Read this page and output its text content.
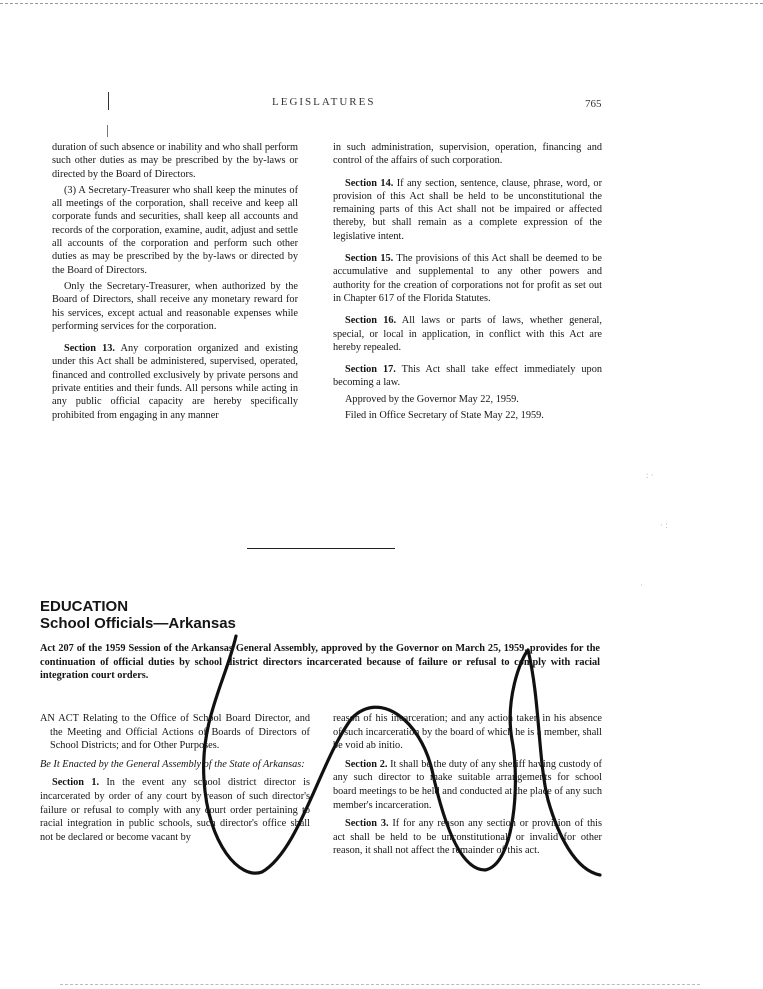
LEGISLATURES	765

duration of such absence or inability and who shall perform such other duties as may be prescribed by the by-laws or directed by the Board of Directors.

(3) A Secretary-Treasurer who shall keep the minutes of all meetings of the corporation, shall receive and keep all corporate funds and securities, shall keep all accounts and records of the corporation, examine, audit, adjust and settle all accounts of the corporation and perform such other duties as may be prescribed by the by-laws or directed by the Board of Directors.

Only the Secretary-Treasurer, when authorized by the Board of Directors, shall receive any monetary reward for his services, except actual and reasonable expenses while performing services for the corporation.

Section 13. Any corporation organized and existing under this Act shall be administered, supervised, operated, financed and controlled exclusively by private persons and private entities and their funds. All persons while acting in any public official capacity are hereby specifically prohibited from engaging in any manner

in such administration, supervision, operation, financing and control of the affairs of such corporation.

Section 14. If any section, sentence, clause, phrase, word, or provision of this Act shall be held to be unconstitutional the remaining parts of this Act shall not be impaired or affected thereby, but shall remain as a complete expression of the legislative intent.

Section 15. The provisions of this Act shall be deemed to be accumulative and supplemental to any other powers and authority for the creation of corporations not for profit as set out in Chapter 617 of the Florida Statutes.

Section 16. All laws or parts of laws, whether general, special, or local in application, in conflict with this Act are hereby repealed.

Section 17. This Act shall take effect immediately upon becoming a law.

Approved by the Governor May 22, 1959.

Filed in Office Secretary of State May 22, 1959.

EDUCATION
School Officials—Arkansas
Act 207 of the 1959 Session of the Arkansas General Assembly, approved by the Governor on March 25, 1959, provides for the continuation of official duties by school district directors incarcerated because of failure or refusal to comply with racial integration court orders.

AN ACT Relating to the Office of School Board Director, and the Meeting and Official Actions of Boards of Directors of School Districts; and for Other Purposes.

Be It Enacted by the General Assembly of the State of Arkansas:

Section 1. In the event any school district director is incarcerated by order of any court by reason of such director's failure or refusal to comply with any court order pertaining to racial integration in public schools, such director's office shall not be declared or become vacant by

reason of his incarceration; and any action taken in his absence of such incarceration by the board of which he is a member, shall be void ab initio.

Section 2. It shall be the duty of any sheriff having custody of any such director to make suitable arrangements for school board meetings to be held and conducted at the place of any such member's incarceration.

Section 3. If for any reason any section or provision of this act shall be held to be unconstitutional, or invalid for other reason, it shall not affect the remainder of this act.

: ·
· :
·
